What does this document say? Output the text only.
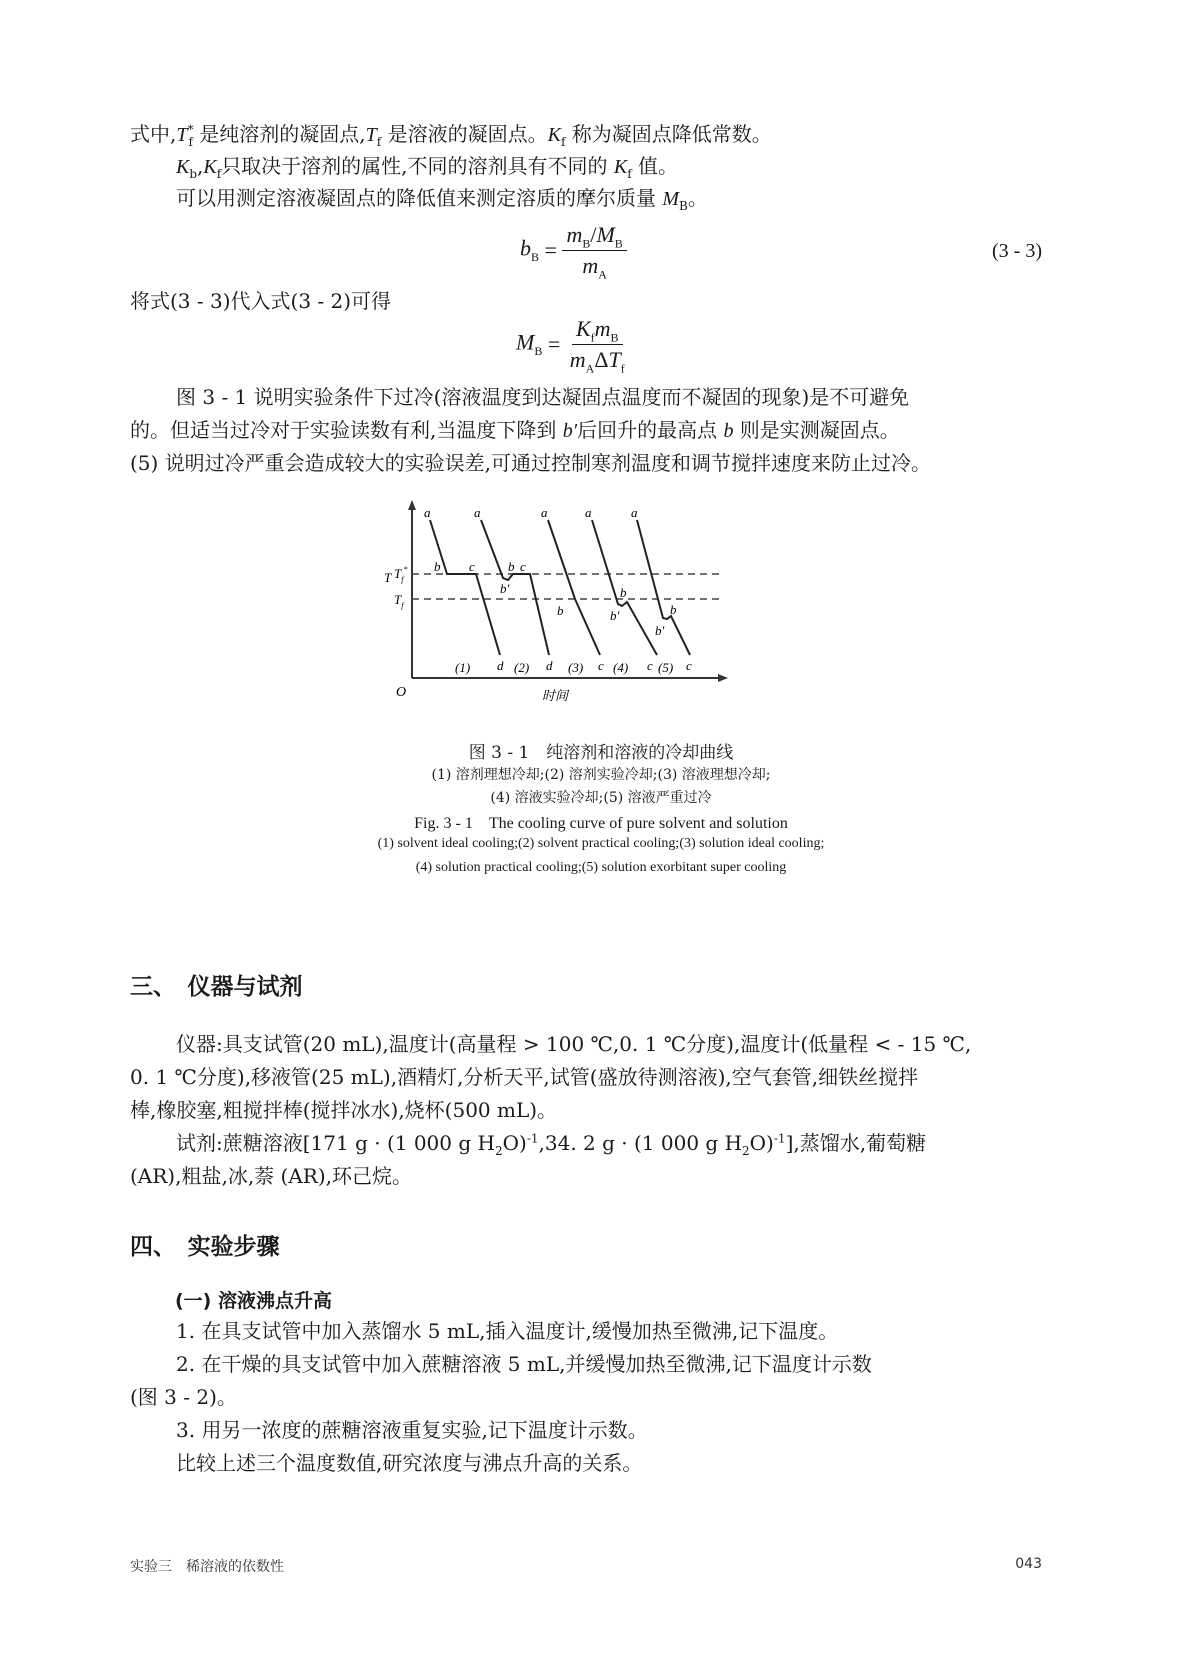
式中$,T^*_f$ 是纯溶剂的凝固点$,T_f$ 是溶液的凝固点。$K_f$ 称为凝固点降低常数。
$K_b,K_f$只取决于溶剂的属性,不同的溶剂具有不同的 $K_f$ 值。
可以用测定溶液凝固点的降低值来测定溶质的摩尔质量 $M_B$。
$b_B = \frac{m_B/M_B}{m_A}$	(3 - 3)
将式(3 - 3)代入式(3 - 2)可得
$M_B = \frac{K_fm_B}{m_A\Delta T_f}$
图 3 - 1 说明实验条件下过冷(溶液温度到达凝固点温度而不凝固的现象)是不可避免
的。但适当过冷对于实验读数有利,当温度下降到 b′后回升的最高点 b 则是实测凝固点。
(5) 说明过冷严重会造成较大的实验误差,可通过控制寒剂温度和调节搅拌速度来防止过冷。
a
b c
d
a
b′
b c
d
a
b
c
a
b′
b
c
a
b′
b
c
(1)	(2)	(3) (4) (5)
T $T_f^*$
$T_f$
O	时间
图 3 - 1　纯溶剂和溶液的冷却曲线
(1) 溶剂理想冷却;(2) 溶剂实验冷却;(3) 溶液理想冷却;
(4) 溶液实验冷却;(5) 溶液严重过冷
Fig. 3 - 1　The cooling curve of pure solvent and solution
(1) solvent ideal cooling;(2) solvent practical cooling;(3) solution ideal cooling;
(4) solution practical cooling;(5) solution exorbitant super cooling
三、　仪器与试剂
仪器:具支试管(20 mL),温度计(高量程 > 100 ℃,0. 1 ℃分度),温度计(低量程 < - 15 ℃,
0. 1 ℃分度),移液管(25 mL),酒精灯,分析天平,试管(盛放待测溶液),空气套管,细铁丝搅拌
棒,橡胶塞,粗搅拌棒(搅拌冰水),烧杯(500 mL)。
试剂:蔗糖溶液[171 g · (1 000 g $H_2O)^{-1},34$. 2 g · (1 000 g $H_2O)^{-1}$],蒸馏水,葡萄糖
(AR),粗盐,冰,萘 (AR),环己烷。
四、　实验步骤
(一) 溶液沸点升高
1. 在具支试管中加入蒸馏水 5 mL,插入温度计,缓慢加热至微沸,记下温度。
2. 在干燥的具支试管中加入蔗糖溶液 5 mL,并缓慢加热至微沸,记下温度计示数
(图 3 - 2)。
3. 用另一浓度的蔗糖溶液重复实验,记下温度计示数。
比较上述三个温度数值,研究浓度与沸点升高的关系。
实验三　稀溶液的依数性	043
